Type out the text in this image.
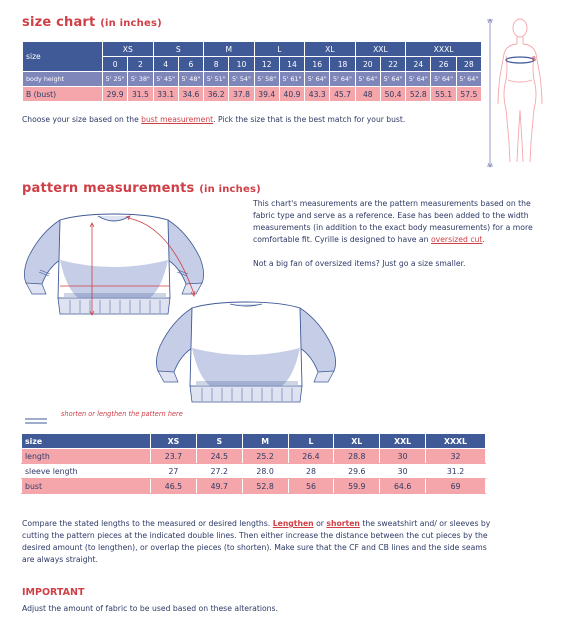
size chart (in inches)
size	XS		S		M		L		XL		XXL		XXXL		
	0	2	4	6	8	10	12	14	16	18	20	22	24	26	28
body height	5' 25"	5' 38"	5' 45"	5' 48"	5' 51"	5' 54"	5' 58"	5' 61"	5' 64"	5' 64"	5' 64"	5' 64"	5' 64"	5' 64"	5' 64"
B (bust)	29.9	31.5	33.1	34.6	36.2	37.8	39.4	40.9	43.3	45.7	48	50.4	52.8	55.1	57.5
Choose your size based on the bust measurement. Pick the size that is the best match for your bust.
B
pattern measurements (in inches)

This chart's measurements are the pattern measurements based on the fabric type and serve as a reference. Ease has been added to the width measurements (in addition to the exact body measurements) for a more comfortable fit. Cyrille is designed to have an oversized cut.

Not a big fan of oversized items? Just go a size smaller.

shorten or lengthen the pattern here
size	XS	S	M	L	XL	XXL	XXXL
length	23.7	24.5	25.2	26.4	28.8	30	32
sleeve length	27	27.2	28.0	28	29.6	30	31.2
bust	46.5	49.7	52.8	56	59.9	64.6	69

Compare the stated lengths to the measured or desired lengths. Lengthen or shorten the sweatshirt and/ or sleeves by cutting the pattern pieces at the indicated double lines. Then either increase the distance between the cut pieces by the desired amount (to lengthen), or overlap the pieces (to shorten). Make sure that the CF and CB lines and the side seams are always straight.

IMPORTANT
Adjust the amount of fabric to be used based on these alterations.
